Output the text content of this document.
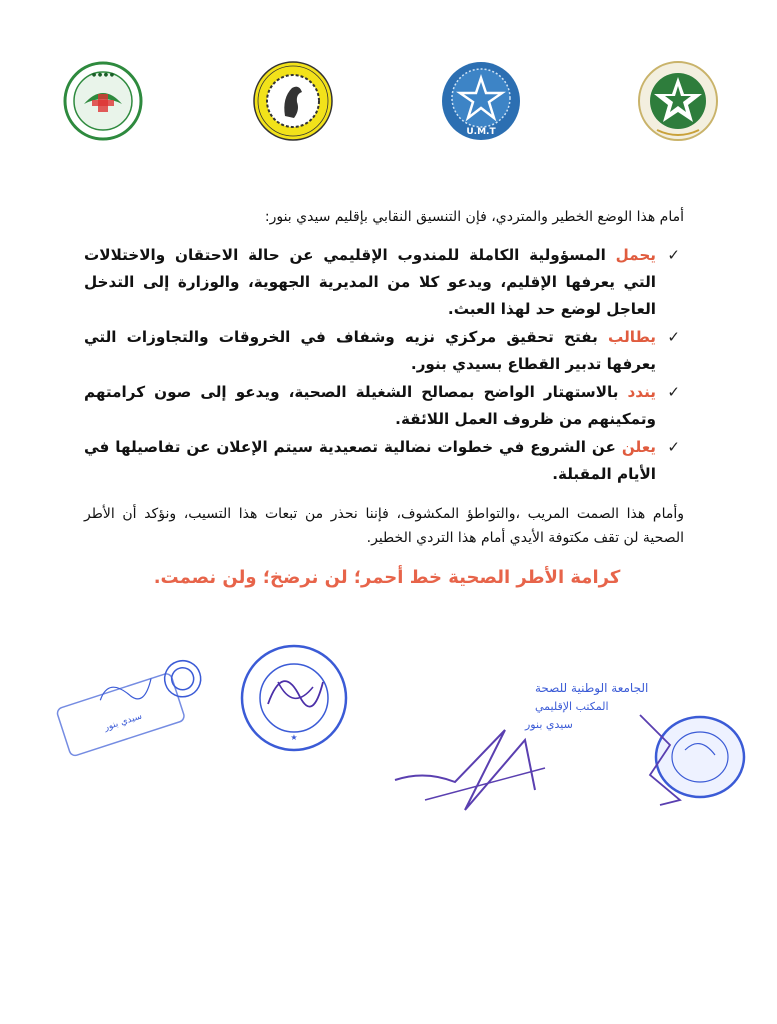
● ● ● ●
U.M.T
أمام هذا الوضع الخطير والمتردي، فإن التنسيق النقابي بإقليم سيدي بنور:
✓
يحمل المسؤولية الكاملة للمندوب الإقليمي عن حالة الاحتقان والاختلالات التي يعرفها الإقليم، ويدعو كلا من المديرية الجهوية، والوزارة إلى التدخل العاجل لوضع حد لهذا العبث.
✓
يطالب بفتح تحقيق مركزي نزيه وشفاف في الخروقات والتجاوزات التي يعرفها تدبير القطاع بسيدي بنور.
✓
يندد بالاستهتار الواضح بمصالح الشغيلة الصحية، ويدعو إلى صون كرامتهم وتمكينهم من ظروف العمل اللائقة.
✓
يعلن عن الشروع في خطوات نضالية تصعيدية سيتم الإعلان عن تفاصيلها في الأيام المقبلة.
وأمام هذا الصمت المريب ،والتواطؤ المكشوف، فإننا نحذر من تبعات هذا التسيب، ونؤكد أن الأطر الصحية لن تقف مكتوفة الأيدي أمام هذا التردي الخطير.
كرامة الأطر الصحية خط أحمر؛ لن نرضخ؛ ولن نصمت.
سيدي بنور
★
الجامعة الوطنية للصحة
المكتب الإقليمي
سيدي بنور
